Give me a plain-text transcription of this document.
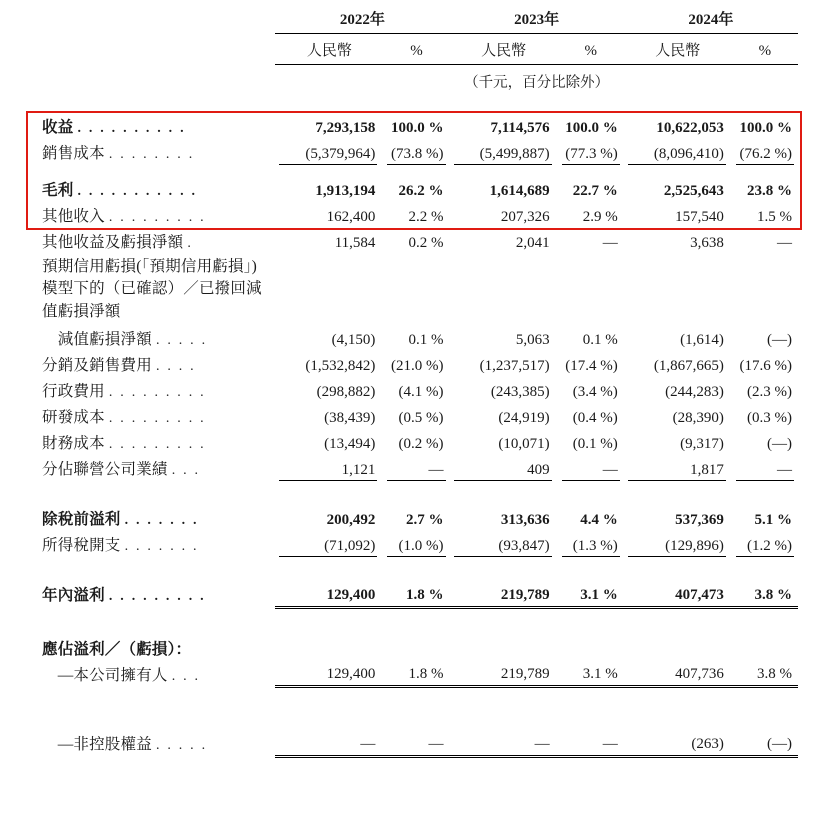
	2022年		2023年		2024年	
	人民幣	%	人民幣	%	人民幣	%
	（千元，百分比除外）					

收益 . . . . . . . . . .	7,293,158	100.0 %	7,114,576	100.0 %	10,622,053	100.0 %
銷售成本 . . . . . . . .	(5,379,964)	(73.8 %)	(5,499,887)	(77.3 %)	(8,096,410)	(76.2 %)

毛利 . . . . . . . . . . .	1,913,194	26.2 %	1,614,689	22.7 %	2,525,643	23.8 %
其他收入 . . . . . . . . .	162,400	2.2 %	207,326	2.9 %	157,540	1.5 %
其他收益及虧損淨額 .	11,584	0.2 %	2,041	—	3,638	—
預期信用虧損(「預期信用虧損」)模型下的（已確認）／已撥回減值虧損淨額						
　減值虧損淨額 . . . . .	(4,150)	0.1 %	5,063	0.1 %	(1,614)	(—)
分銷及銷售費用 . . . .	(1,532,842)	(21.0 %)	(1,237,517)	(17.4 %)	(1,867,665)	(17.6 %)
行政費用 . . . . . . . . .	(298,882)	(4.1 %)	(243,385)	(3.4 %)	(244,283)	(2.3 %)
研發成本 . . . . . . . . .	(38,439)	(0.5 %)	(24,919)	(0.4 %)	(28,390)	(0.3 %)
財務成本 . . . . . . . . .	(13,494)	(0.2 %)	(10,071)	(0.1 %)	(9,317)	(—)
分佔聯營公司業績 . . .	1,121	—	409	—	1,817	—

除稅前溢利 . . . . . . .	200,492	2.7 %	313,636	4.4 %	537,369	5.1 %
所得稅開支 . . . . . . .	(71,092)	(1.0 %)	(93,847)	(1.3 %)	(129,896)	(1.2 %)

年內溢利 . . . . . . . . .	129,400	1.8 %	219,789	3.1 %	407,473	3.8 %

應佔溢利／（虧損）：						
　—本公司擁有人 . . .	129,400	1.8 %	219,789	3.1 %	407,736	3.8 %

　—非控股權益 . . . . .	—	—	—	—	(263)	(—)
